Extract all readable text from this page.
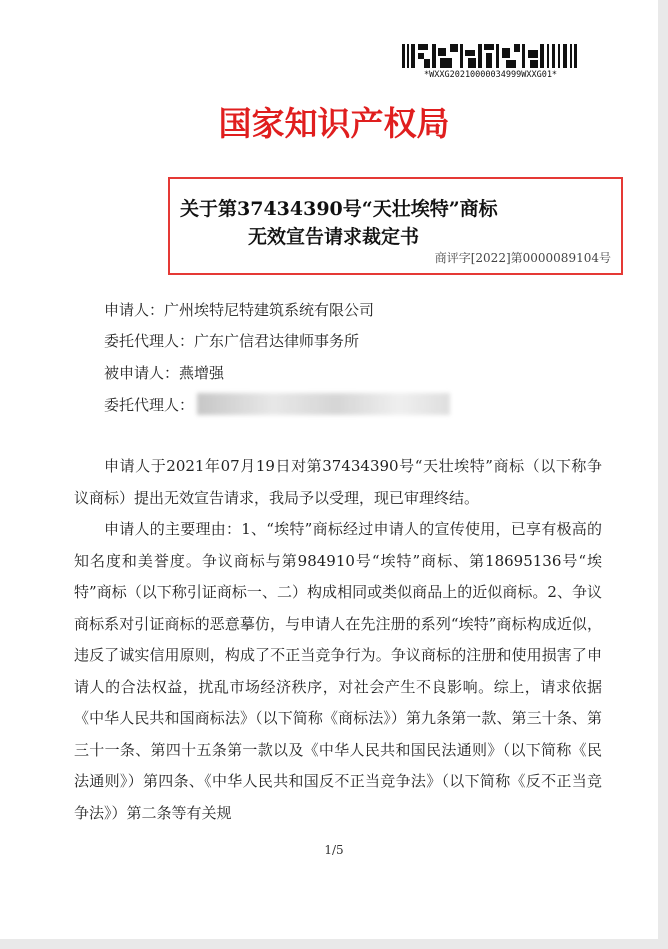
*WXXG20210000034999WXXG01*
国家知识产权局
关于第37434390号“天壮埃特”商标
无效宣告请求裁定书
商评字[2022]第0000089104号
申请人：广州埃特尼特建筑系统有限公司
委托代理人：广东广信君达律师事务所
被申请人：燕增强
委托代理人：

申请人于2021年07月19日对第37434390号“天壮埃特”商标（以下称争议商标）提出无效宣告请求，我局予以受理，现已审理终结。

申请人的主要理由：1、“埃特”商标经过申请人的宣传使用，已享有极高的知名度和美誉度。争议商标与第984910号“埃特”商标、第18695136号“埃特”商标（以下称引证商标一、二）构成相同或类似商品上的近似商标。2、争议商标系对引证商标的恶意摹仿，与申请人在先注册的系列“埃特”商标构成近似，违反了诚实信用原则，构成了不正当竞争行为。争议商标的注册和使用损害了申请人的合法权益，扰乱市场经济秩序，对社会产生不良影响。综上，请求依据《中华人民共和国商标法》（以下简称《商标法》）第九条第一款、第三十条、第三十一条、第四十五条第一款以及《中华人民共和国民法通则》（以下简称《民法通则》）第四条、《中华人民共和国反不正当竞争法》（以下简称《反不正当竞争法》）第二条等有关规

1/5
